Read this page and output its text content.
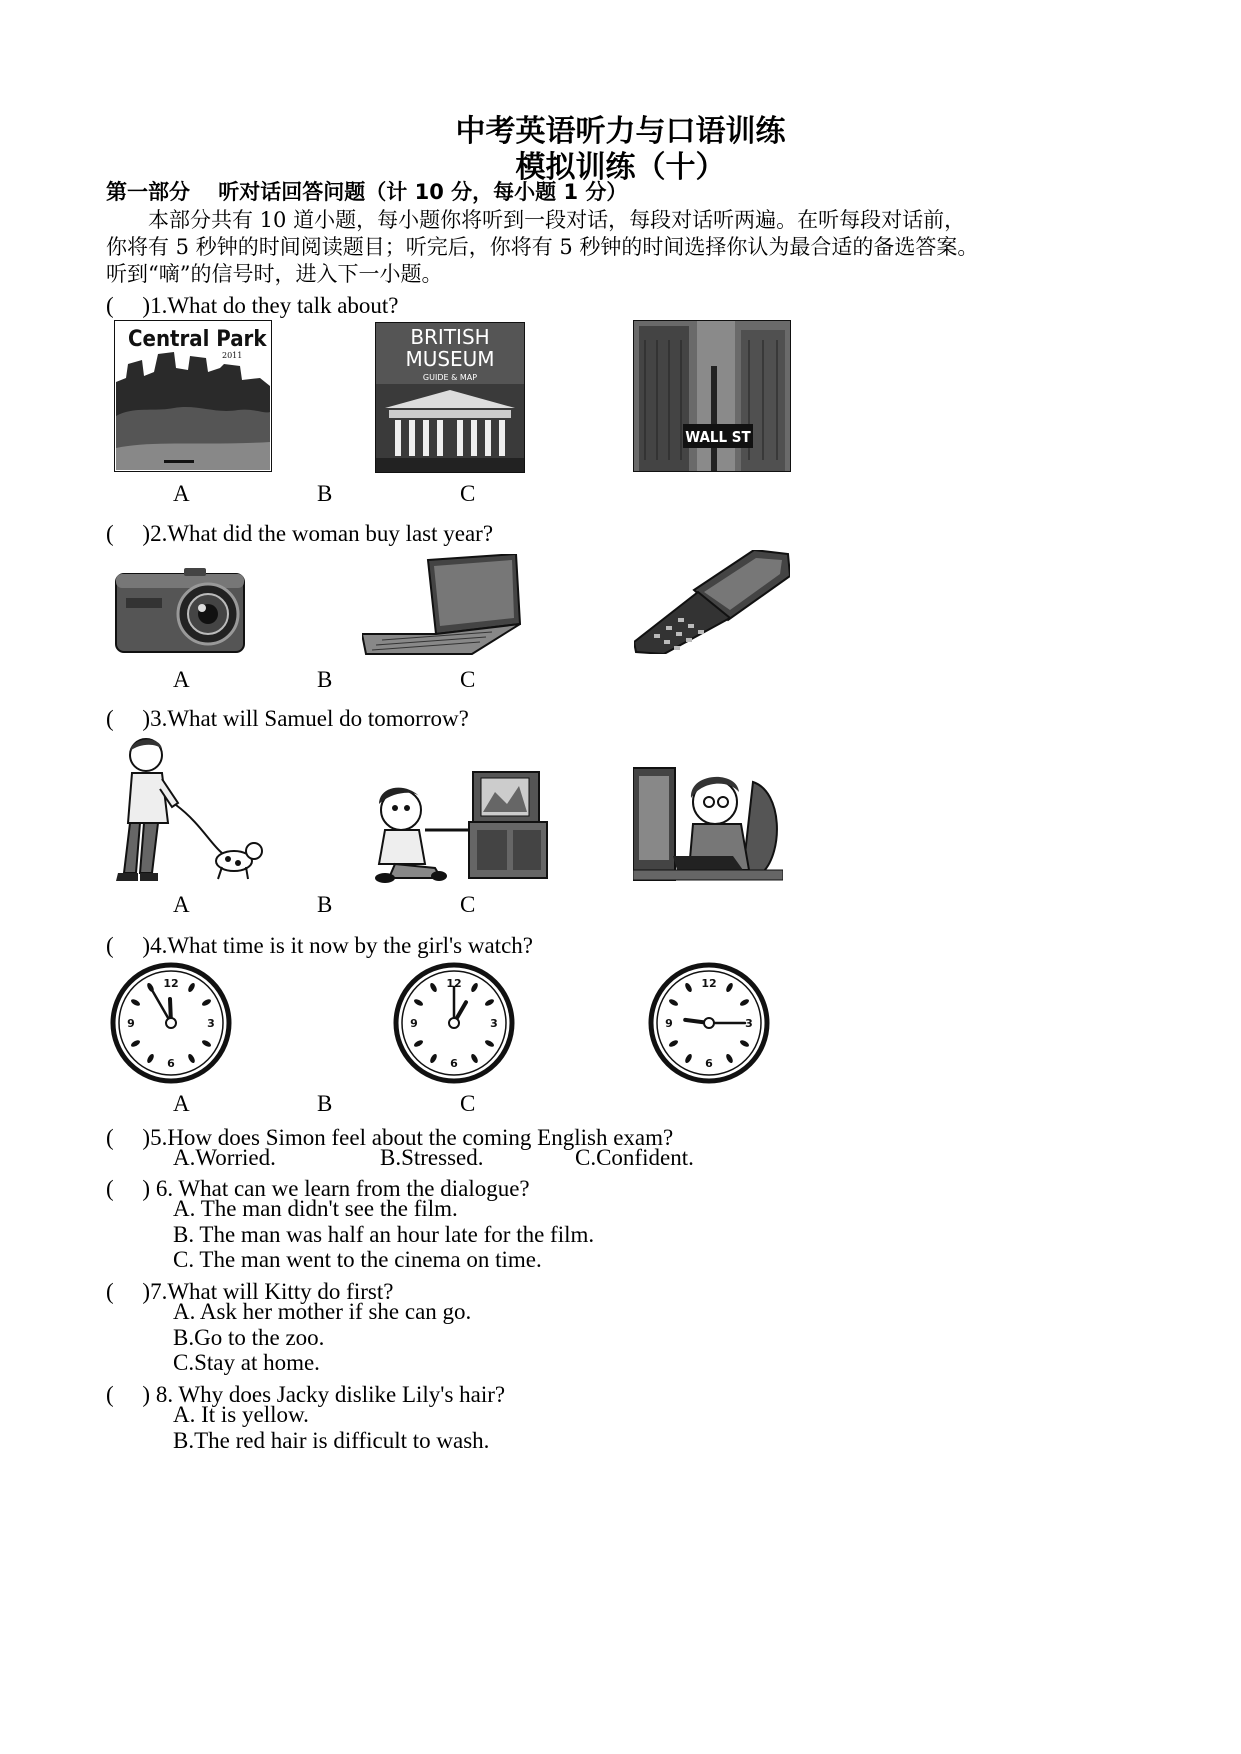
中考英语听力与口语训练
模拟训练（十）
第一部分　 听对话回答问题（计 10 分，每小题 1 分）
　　本部分共有 10 道小题，每小题你将听到一段对话，每段对话听两遍。在听每段对话前，
你将有 5 秒钟的时间阅读题目；听完后，你将有 5 秒钟的时间选择你认为最合适的备选答案。
听到“嘀”的信号时，进入下一小题。
(　 )1.What do they talk about?
Central Park
2011
BRITISH
MUSEUM
GUIDE & MAP
WALL ST
A	B	C
(　 )2.What did the woman buy last year?
A	B	C
(　 )3.What will Samuel do tomorrow?
A	B	C
(　 )4.What time is it now by the girl's watch?
3
6
9
12
3
6
9
12
3
6
9
12
A	B	C
(　 )5.How does Simon feel about the coming English exam?
A.Worried.	B.Stressed.	C.Confident.
(　 ) 6. What can we learn from the dialogue?
A. The man didn't see the film.
B. The man was half an hour late for the film.
C. The man went to the cinema on time.
(　 )7.What will Kitty do first?
A. Ask her mother if she can go.
B.Go to the zoo.
C.Stay at home.
(　 ) 8. Why does Jacky dislike Lily's hair?
A. It is yellow.
B.The red hair is difficult to wash.
